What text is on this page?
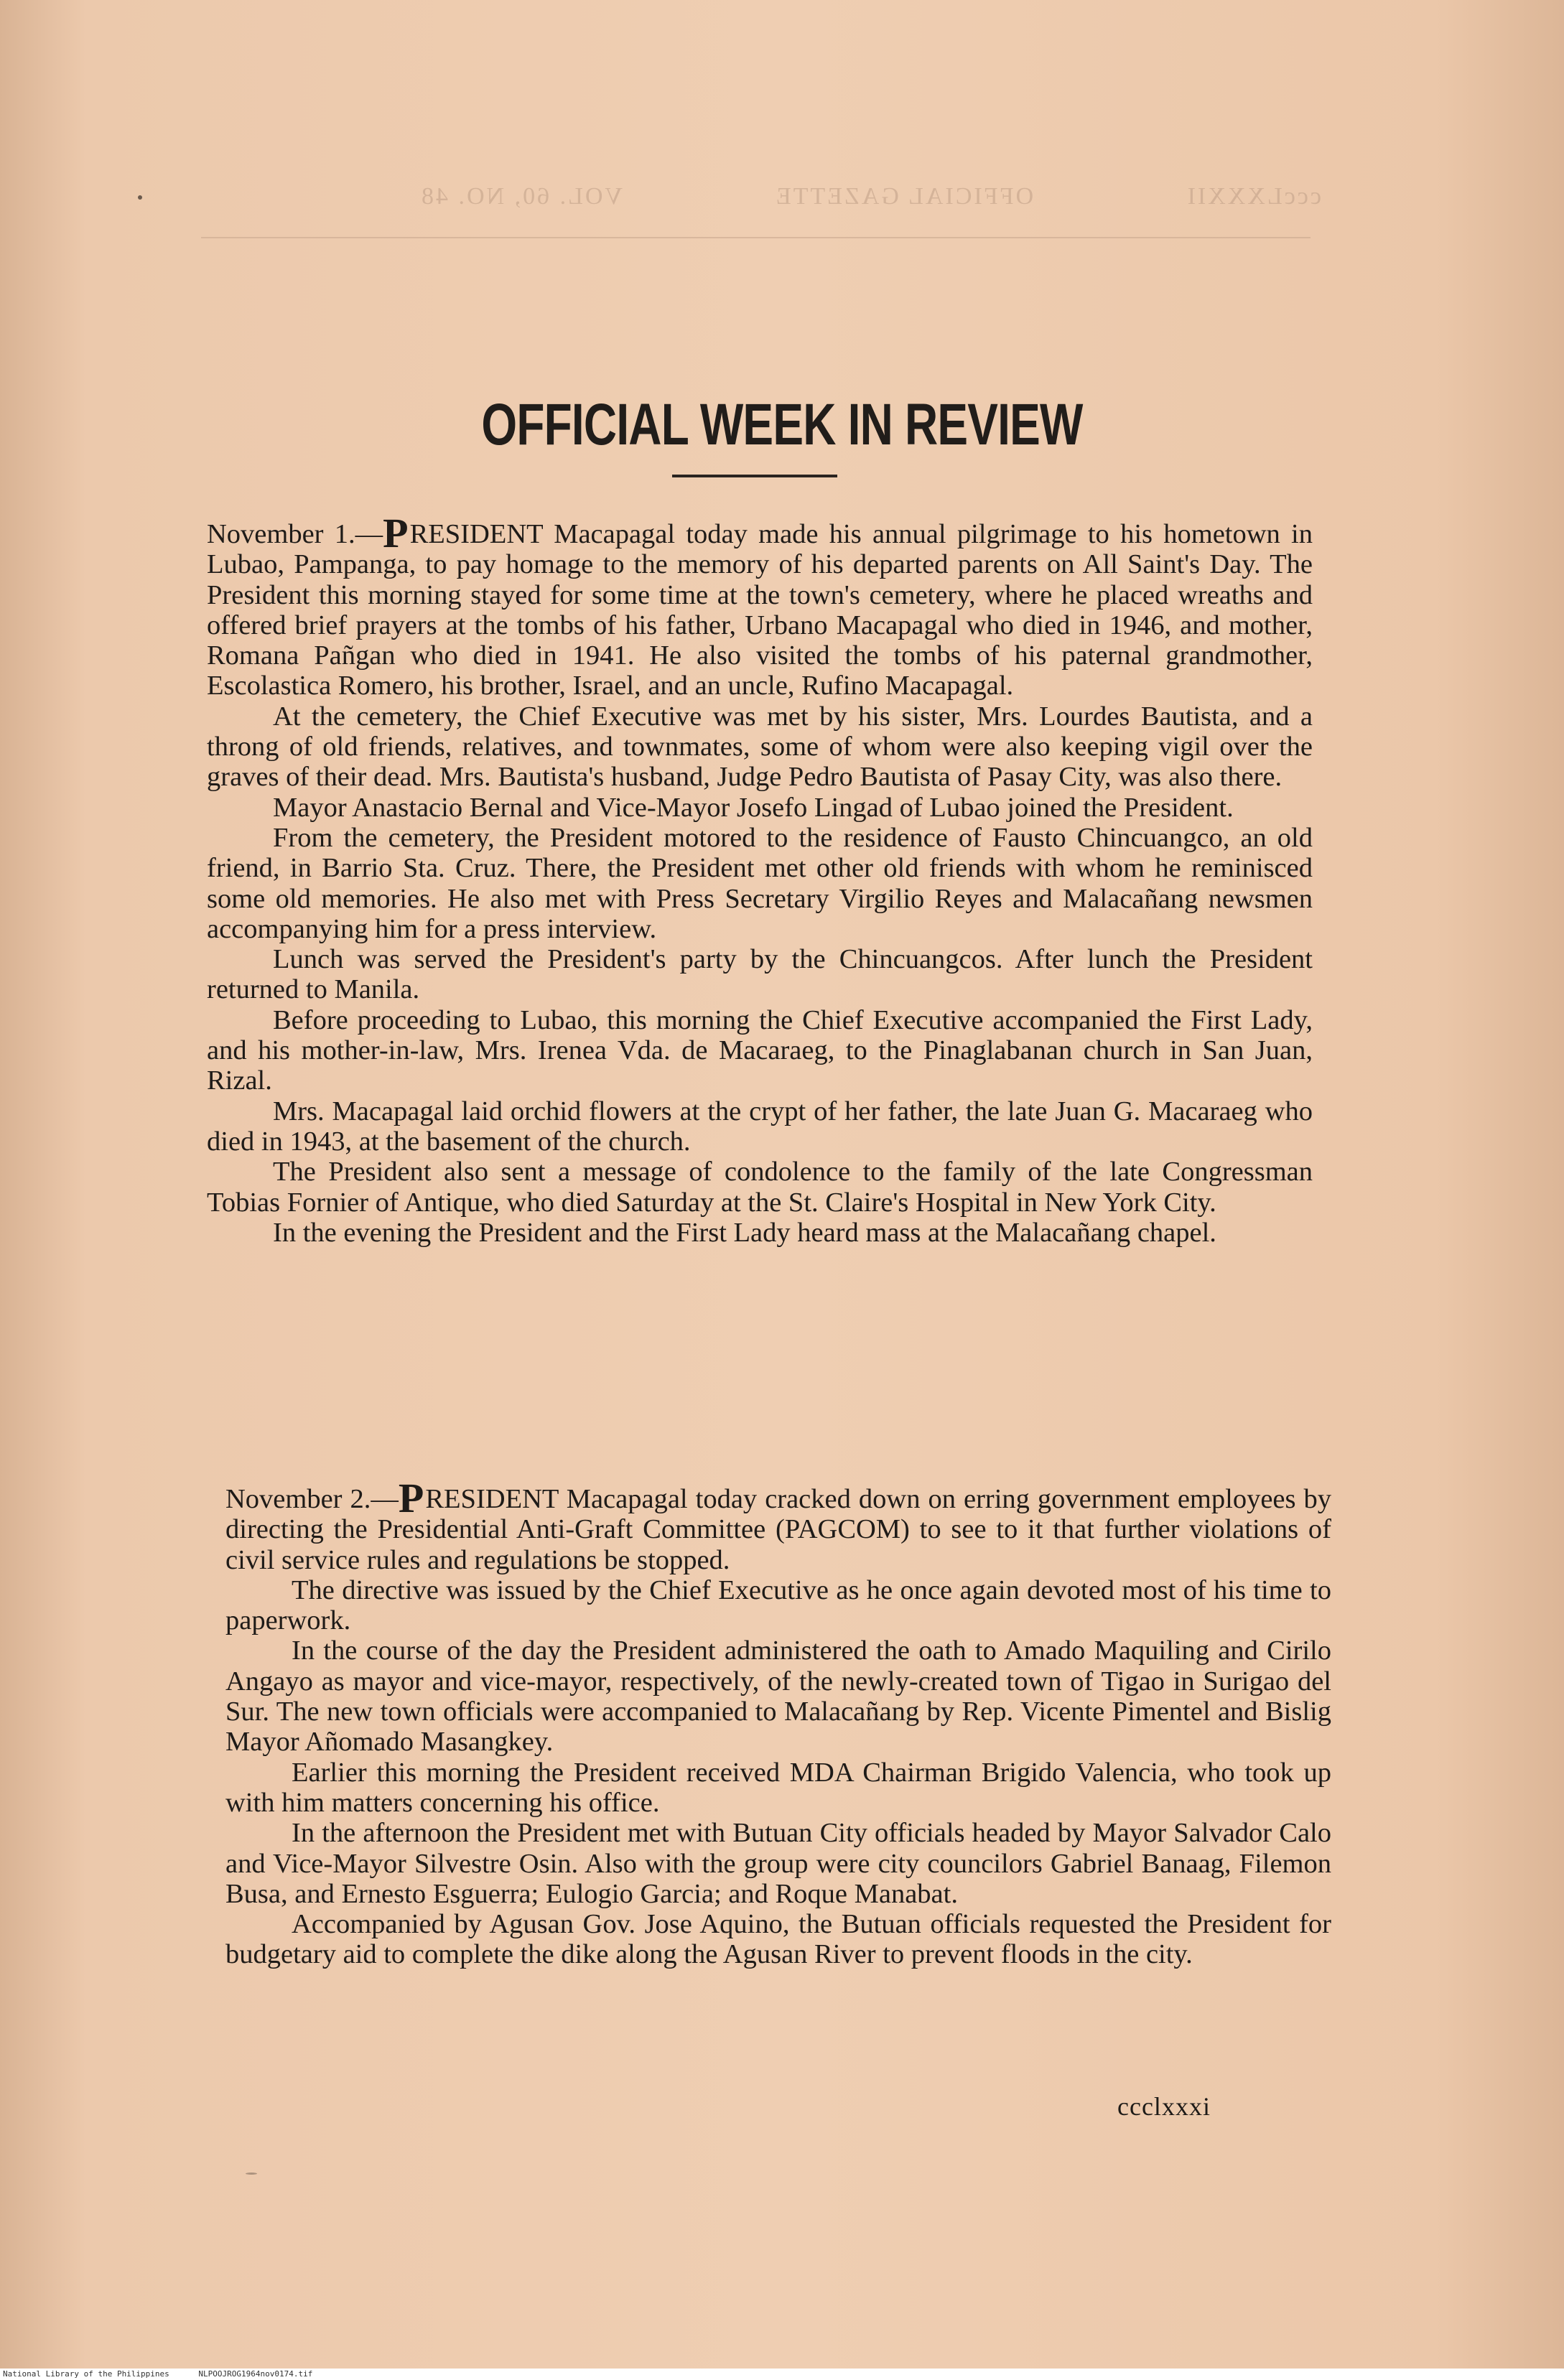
cccLXXXII OFFICIAL GAZETTE VOL. 60, NO. 48
OFFICIAL WEEK IN REVIEW

November 1.—PRESIDENT Macapagal today made his annual pilgrimage to his hometown in Lubao, Pampanga, to pay homage to the memory of his departed parents on All Saint's Day. The President this morning stayed for some time at the town's cemetery, where he placed wreaths and offered brief prayers at the tombs of his father, Urbano Macapagal who died in 1946, and mother, Romana Pañgan who died in 1941. He also visited the tombs of his paternal grandmother, Escolastica Romero, his brother, Israel, and an uncle, Rufino Macapagal.

At the cemetery, the Chief Executive was met by his sister, Mrs. Lourdes Bautista, and a throng of old friends, relatives, and townmates, some of whom were also keeping vigil over the graves of their dead. Mrs. Bautista's husband, Judge Pedro Bautista of Pasay City, was also there.

Mayor Anastacio Bernal and Vice-Mayor Josefo Lingad of Lubao joined the President.

From the cemetery, the President motored to the residence of Fausto Chincuangco, an old friend, in Barrio Sta. Cruz. There, the President met other old friends with whom he reminisced some old memories. He also met with Press Secretary Virgilio Reyes and Malacañang newsmen accompanying him for a press interview.

Lunch was served the President's party by the Chincuangcos. After lunch the President returned to Manila.

Before proceeding to Lubao, this morning the Chief Executive accompanied the First Lady, and his mother-in-law, Mrs. Irenea Vda. de Macaraeg, to the Pinaglabanan church in San Juan, Rizal.

Mrs. Macapagal laid orchid flowers at the crypt of her father, the late Juan G. Macaraeg who died in 1943, at the basement of the church.

The President also sent a message of condolence to the family of the late Congressman Tobias Fornier of Antique, who died Saturday at the St. Claire's Hospital in New York City.

In the evening the President and the First Lady heard mass at the Malacañang chapel.

November 2.—PRESIDENT Macapagal today cracked down on erring government employees by directing the Presidential Anti-Graft Committee (PAGCOM) to see to it that further violations of civil service rules and regulations be stopped.

The directive was issued by the Chief Executive as he once again devoted most of his time to paperwork.

In the course of the day the President administered the oath to Amado Maquiling and Cirilo Angayo as mayor and vice-mayor, respectively, of the newly-created town of Tigao in Surigao del Sur. The new town officials were accompanied to Malacañang by Rep. Vicente Pimentel and Bislig Mayor Añomado Masangkey.

Earlier this morning the President received MDA Chairman Brigido Valencia, who took up with him matters concerning his office.

In the afternoon the President met with Butuan City officials headed by Mayor Salvador Calo and Vice-Mayor Silvestre Osin. Also with the group were city councilors Gabriel Banaag, Filemon Busa, and Ernesto Esguerra; Eulogio Garcia; and Roque Manabat.

Accompanied by Agusan Gov. Jose Aquino, the Butuan officials requested the President for budgetary aid to complete the dike along the Agusan River to prevent floods in the city.

ccclxxxi
National Library of the Philippines	NLPOOJROG1964nov0174.tif
